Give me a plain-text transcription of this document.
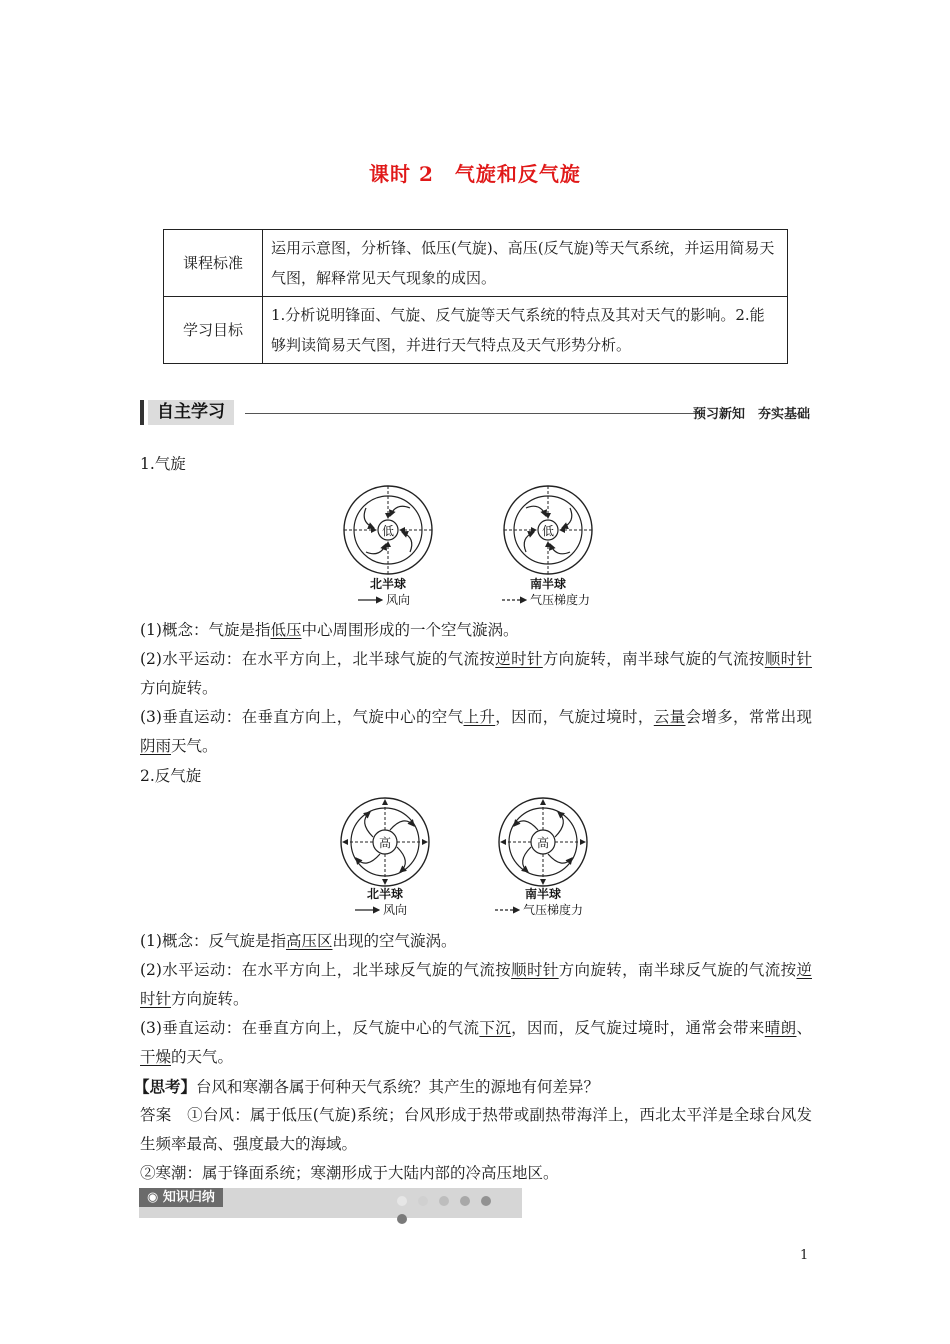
课时 2　气旋和反气旋
课程标准	运用示意图，分析锋、低压(气旋)、高压(反气旋)等天气系统，并运用简易天气图，解释常见天气现象的成因。
学习目标	1.分析说明锋面、气旋、反气旋等天气系统的特点及其对天气的影响。2.能够判读简易天气图，并进行天气特点及天气形势分析。
自主学习	预习新知　夯实基础
1.气旋
低
北半球
风向
低
南半球
气压梯度力
(1)概念：气旋是指低压中心周围形成的一个空气漩涡。
(2)水平运动：在水平方向上，北半球气旋的气流按逆时针方向旋转，南半球气旋的气流按顺时针方向旋转。
(3)垂直运动：在垂直方向上，气旋中心的空气上升，因而，气旋过境时，云量会增多，常常出现阴雨天气。
2.反气旋
高
北半球
风向
高
南半球
气压梯度力
(1)概念：反气旋是指高压区出现的空气漩涡。
(2)水平运动：在水平方向上，北半球反气旋的气流按顺时针方向旋转，南半球反气旋的气流按逆时针方向旋转。
(3)垂直运动：在垂直方向上，反气旋中心的气流下沉，因而，反气旋过境时，通常会带来晴朗、干燥的天气。
【思考】台风和寒潮各属于何种天气系统？其产生的源地有何差异？
答案　①台风：属于低压(气旋)系统；台风形成于热带或副热带海洋上，西北太平洋是全球台风发生频率最高、强度最大的海域。
②寒潮：属于锋面系统；寒潮形成于大陆内部的冷高压地区。
◉ 知识归纳
1
